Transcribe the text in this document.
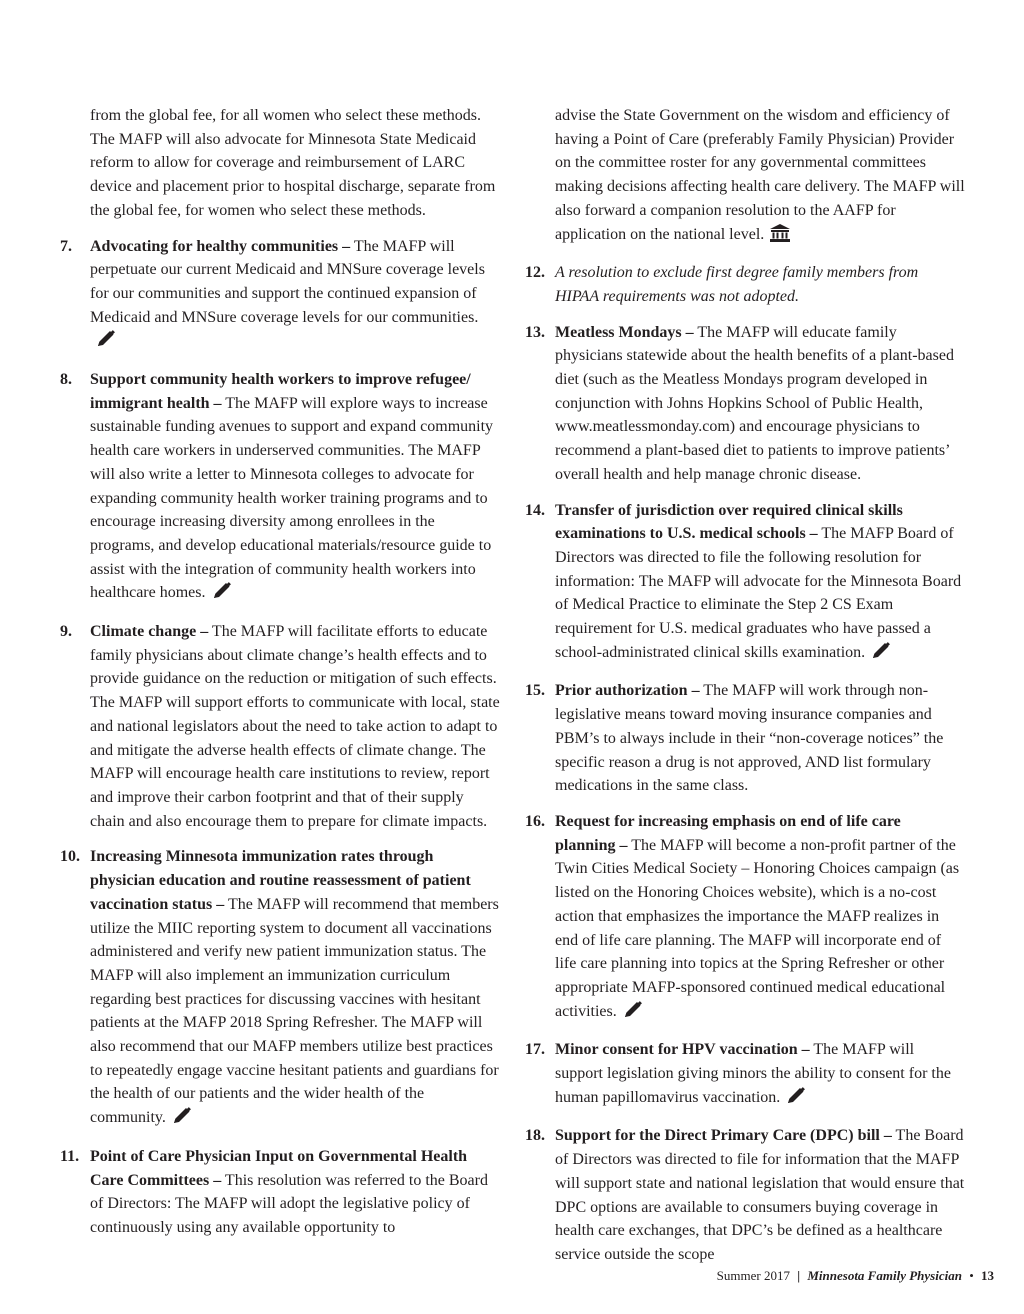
from the global fee, for all women who select these methods. The MAFP will also advocate for Minnesota State Medicaid reform to allow for coverage and reimbursement of LARC device and placement prior to hospital discharge, separate from the global fee, for women who select these methods.

7.	Advocating for healthy communities – The MAFP will perpetuate our current Medicaid and MNSure coverage levels for our communities and support the continued expansion of Medicaid and MNSure coverage levels for our communities.
8.	Support community health workers to improve refugee/ immigrant health – The MAFP will explore ways to increase sustainable funding avenues to support and expand community health care workers in underserved communities. The MAFP will also write a letter to Minnesota colleges to advocate for expanding community health worker training programs and to encourage increasing diversity among enrollees in the programs, and develop educational materials/resource guide to assist with the integration of community health workers into healthcare homes.
9.	Climate change – The MAFP will facilitate efforts to educate family physicians about climate change’s health effects and to provide guidance on the reduction or mitigation of such effects. The MAFP will support efforts to communicate with local, state and national legislators about the need to take action to adapt to and mitigate the adverse health effects of climate change. The MAFP will encourage health care institutions to review, report and improve their carbon footprint and that of their supply chain and also encourage them to prepare for climate impacts.
10. Increasing Minnesota immunization rates through physician education and routine reassessment of patient vaccination status – The MAFP will recommend that members utilize the MIIC reporting system to document all vaccinations administered and verify new patient immunization status. The MAFP will also implement an immunization curriculum regarding best practices for discussing vaccines with hesitant patients at the MAFP 2018 Spring Refresher. The MAFP will also recommend that our MAFP members utilize best practices to repeatedly engage vaccine hesitant patients and guardians for the health of our patients and the wider health of the community.
11. Point of Care Physician Input on Governmental Health Care Committees – This resolution was referred to the Board of Directors: The MAFP will adopt the legislative policy of continuously using any available opportunity to

advise the State Government on the wisdom and efficiency of having a Point of Care (preferably Family Physician) Provider on the committee roster for any governmental committees making decisions affecting health care delivery. The MAFP will also forward a companion resolution to the AAFP for application on the national level.

12. A resolution to exclude first degree family members from HIPAA requirements was not adopted.
13. Meatless Mondays – The MAFP will educate family physicians statewide about the health benefits of a plant-based diet (such as the Meatless Mondays program developed in conjunction with Johns Hopkins School of Public Health, www.meatlessmonday.com) and encourage physicians to recommend a plant-based diet to patients to improve patients’ overall health and help manage chronic disease.
14. Transfer of jurisdiction over required clinical skills examinations to U.S. medical schools – The MAFP Board of Directors was directed to file the following resolution for information: The MAFP will advocate for the Minnesota Board of Medical Practice to eliminate the Step 2 CS Exam requirement for U.S. medical graduates who have passed a school-administrated clinical skills examination.
15. Prior authorization – The MAFP will work through non-legislative means toward moving insurance companies and PBM’s to always include in their “non-coverage notices” the specific reason a drug is not approved, AND list formulary medications in the same class.
16. Request for increasing emphasis on end of life care planning – The MAFP will become a non-profit partner of the Twin Cities Medical Society – Honoring Choices campaign (as listed on the Honoring Choices website), which is a no-cost action that emphasizes the importance the MAFP realizes in end of life care planning. The MAFP will incorporate end of life care planning into topics at the Spring Refresher or other appropriate MAFP-sponsored continued medical educational activities.
17. Minor consent for HPV vaccination – The MAFP will support legislation giving minors the ability to consent for the human papillomavirus vaccination.
18. Support for the Direct Primary Care (DPC) bill – The Board of Directors was directed to file for information that the MAFP will support state and national legislation that would ensure that DPC options are available to consumers buying coverage in health care exchanges, that DPC’s be defined as a healthcare service outside the scope
Summer 2017 | Minnesota Family Physician • 13
